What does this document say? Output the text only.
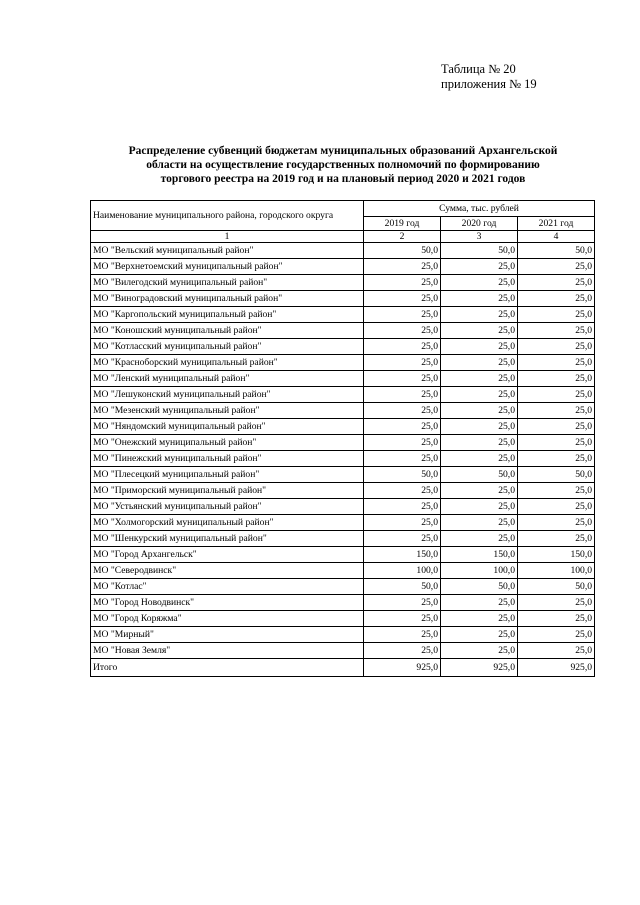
Таблица № 20
приложения № 19
Распределение субвенций бюджетам муниципальных образований Архангельской
области на осуществление государственных полномочий по формированию
торгового реестра на 2019 год и на плановый период 2020 и 2021 годов
Наименование муниципального района, городского округа	Сумма, тыс. рублей		
	2019 год	2020 год	2021 год
1	2	3	4
МО "Вельский муниципальный район"	50,0	50,0	50,0
МО "Верхнетоемский муниципальный район"	25,0	25,0	25,0
МО "Вилегодский муниципальный район"	25,0	25,0	25,0
МО "Виноградовский муниципальный район"	25,0	25,0	25,0
МО "Каргопольский муниципальный район"	25,0	25,0	25,0
МО "Коношский муниципальный район"	25,0	25,0	25,0
МО "Котласский муниципальный район"	25,0	25,0	25,0
МО "Красноборский муниципальный район"	25,0	25,0	25,0
МО "Ленский муниципальный район"	25,0	25,0	25,0
МО "Лешуконский муниципальный район"	25,0	25,0	25,0
МО "Мезенский муниципальный район"	25,0	25,0	25,0
МО "Няндомский муниципальный район"	25,0	25,0	25,0
МО "Онежский муниципальный район"	25,0	25,0	25,0
МО "Пинежский муниципальный район"	25,0	25,0	25,0
МО "Плесецкий муниципальный район"	50,0	50,0	50,0
МО "Приморский муниципальный район"	25,0	25,0	25,0
МО "Устьянский муниципальный район"	25,0	25,0	25,0
МО "Холмогорский муниципальный район"	25,0	25,0	25,0
МО "Шенкурский муниципальный район"	25,0	25,0	25,0
МО "Город Архангельск"	150,0	150,0	150,0
МО "Северодвинск"	100,0	100,0	100,0
МО "Котлас"	50,0	50,0	50,0
МО "Город Новодвинск"	25,0	25,0	25,0
МО "Город Коряжма"	25,0	25,0	25,0
МО "Мирный"	25,0	25,0	25,0
МО "Новая Земля"	25,0	25,0	25,0
Итого	925,0	925,0	925,0
